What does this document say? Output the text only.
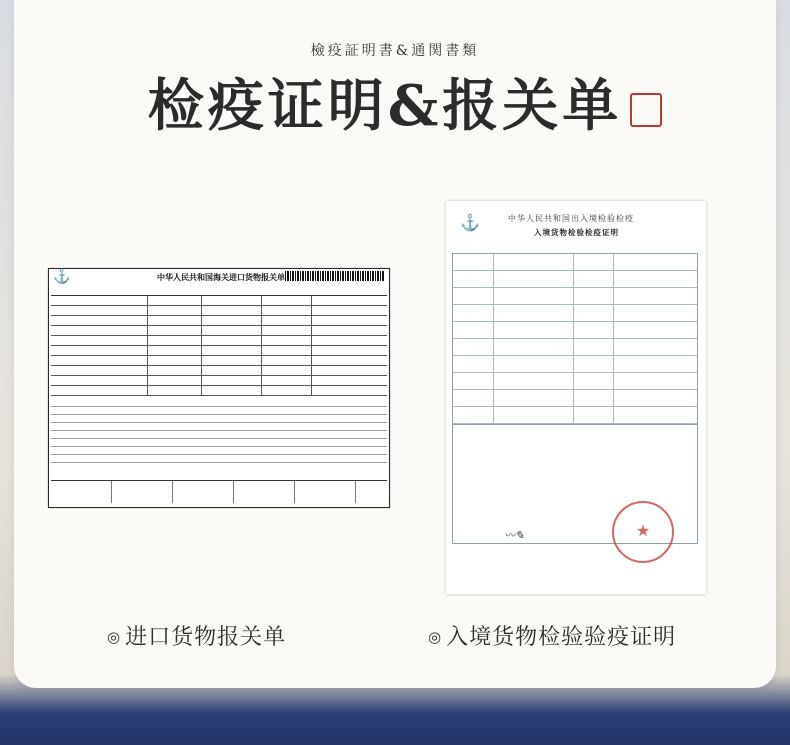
檢疫証明書&通関書類
检疫证明&报关单
⚓	中华人民共和国海关进口货物报关单
⚓	中华人民共和国出入境检验检疫
入境货物检验检疫证明
〰✎	★
◎ 进口货物报关单	◎ 入境货物检验验疫证明
